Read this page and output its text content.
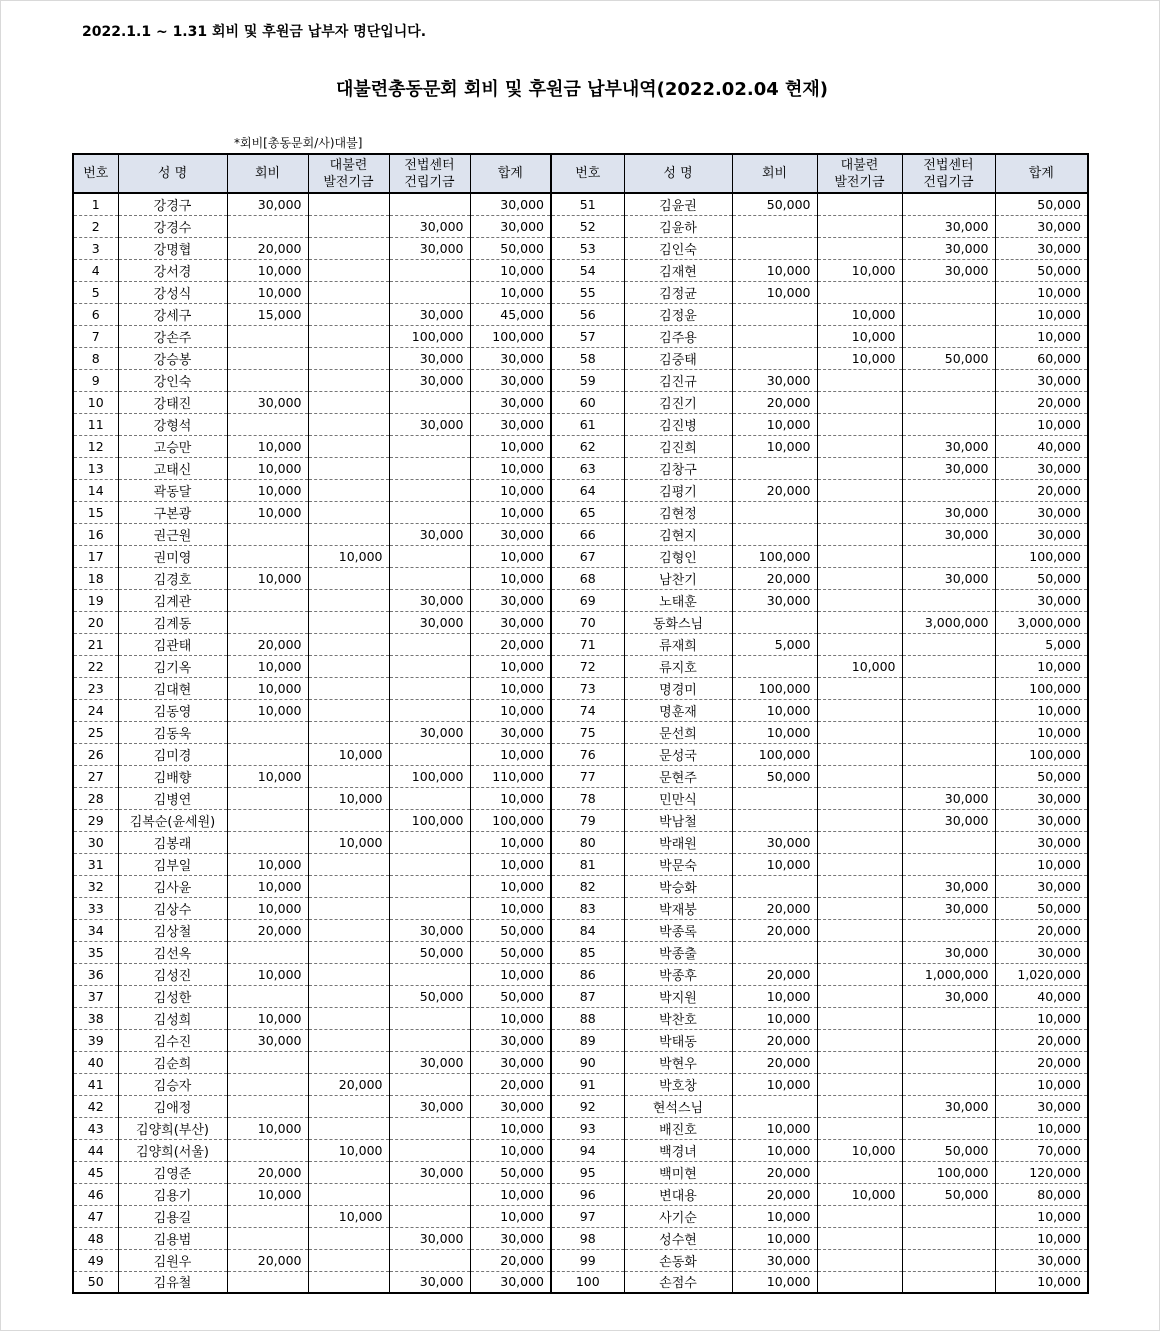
2022.1.1 ~ 1.31 회비 및 후원금 납부자 명단입니다.
대불련총동문회 회비 및 후원금 납부내역(2022.02.04 현재)
*회비[총동문회/사)대불]
번호	성 명	회비	대불련
발전기금	전법센터
건립기금	합계	번호	성 명	회비	대불련
발전기금	전법센터
건립기금	합계
1	강경구	30,000			30,000	51	김윤권	50,000			50,000
2	강경수			30,000	30,000	52	김윤하			30,000	30,000
3	강명협	20,000		30,000	50,000	53	김인숙			30,000	30,000
4	강서경	10,000			10,000	54	김재현	10,000	10,000	30,000	50,000
5	강성식	10,000			10,000	55	김정균	10,000			10,000
6	강세구	15,000		30,000	45,000	56	김정윤		10,000		10,000
7	강손주			100,000	100,000	57	김주용		10,000		10,000
8	강승봉			30,000	30,000	58	김중태		10,000	50,000	60,000
9	강인숙			30,000	30,000	59	김진규	30,000			30,000
10	강태진	30,000			30,000	60	김진기	20,000			20,000
11	강형석			30,000	30,000	61	김진병	10,000			10,000
12	고승만	10,000			10,000	62	김진희	10,000		30,000	40,000
13	고태신	10,000			10,000	63	김창구			30,000	30,000
14	곽동달	10,000			10,000	64	김평기	20,000			20,000
15	구본광	10,000			10,000	65	김현정			30,000	30,000
16	권근원			30,000	30,000	66	김현지			30,000	30,000
17	권미영		10,000		10,000	67	김형인	100,000			100,000
18	김경호	10,000			10,000	68	남찬기	20,000		30,000	50,000
19	김계관			30,000	30,000	69	노태훈	30,000			30,000
20	김계동			30,000	30,000	70	동화스님			3,000,000	3,000,000
21	김관태	20,000			20,000	71	류재희	5,000			5,000
22	김기옥	10,000			10,000	72	류지호		10,000		10,000
23	김대현	10,000			10,000	73	명경미	100,000			100,000
24	김동영	10,000			10,000	74	명훈재	10,000			10,000
25	김동욱			30,000	30,000	75	문선희	10,000			10,000
26	김미경		10,000		10,000	76	문성국	100,000			100,000
27	김배향	10,000		100,000	110,000	77	문현주	50,000			50,000
28	김병연		10,000		10,000	78	민만식			30,000	30,000
29	김복순(윤세원)			100,000	100,000	79	박남철			30,000	30,000
30	김봉래		10,000		10,000	80	박래원	30,000			30,000
31	김부일	10,000			10,000	81	박문숙	10,000			10,000
32	김사윤	10,000			10,000	82	박승화			30,000	30,000
33	김상수	10,000			10,000	83	박재붕	20,000		30,000	50,000
34	김상철	20,000		30,000	50,000	84	박종록	20,000			20,000
35	김선옥			50,000	50,000	85	박종출			30,000	30,000
36	김성진	10,000			10,000	86	박종후	20,000		1,000,000	1,020,000
37	김성한			50,000	50,000	87	박지원	10,000		30,000	40,000
38	김성희	10,000			10,000	88	박찬호	10,000			10,000
39	김수진	30,000			30,000	89	박태동	20,000			20,000
40	김순희			30,000	30,000	90	박현우	20,000			20,000
41	김승자		20,000		20,000	91	박호창	10,000			10,000
42	김애정			30,000	30,000	92	현석스님			30,000	30,000
43	김양희(부산)	10,000			10,000	93	배진호	10,000			10,000
44	김양희(서울)		10,000		10,000	94	백경녀	10,000	10,000	50,000	70,000
45	김영준	20,000		30,000	50,000	95	백미현	20,000		100,000	120,000
46	김용기	10,000			10,000	96	변대용	20,000	10,000	50,000	80,000
47	김용길		10,000		10,000	97	사기순	10,000			10,000
48	김용범			30,000	30,000	98	성수현	10,000			10,000
49	김원우	20,000			20,000	99	손동화	30,000			30,000
50	김유철			30,000	30,000	100	손점수	10,000			10,000
